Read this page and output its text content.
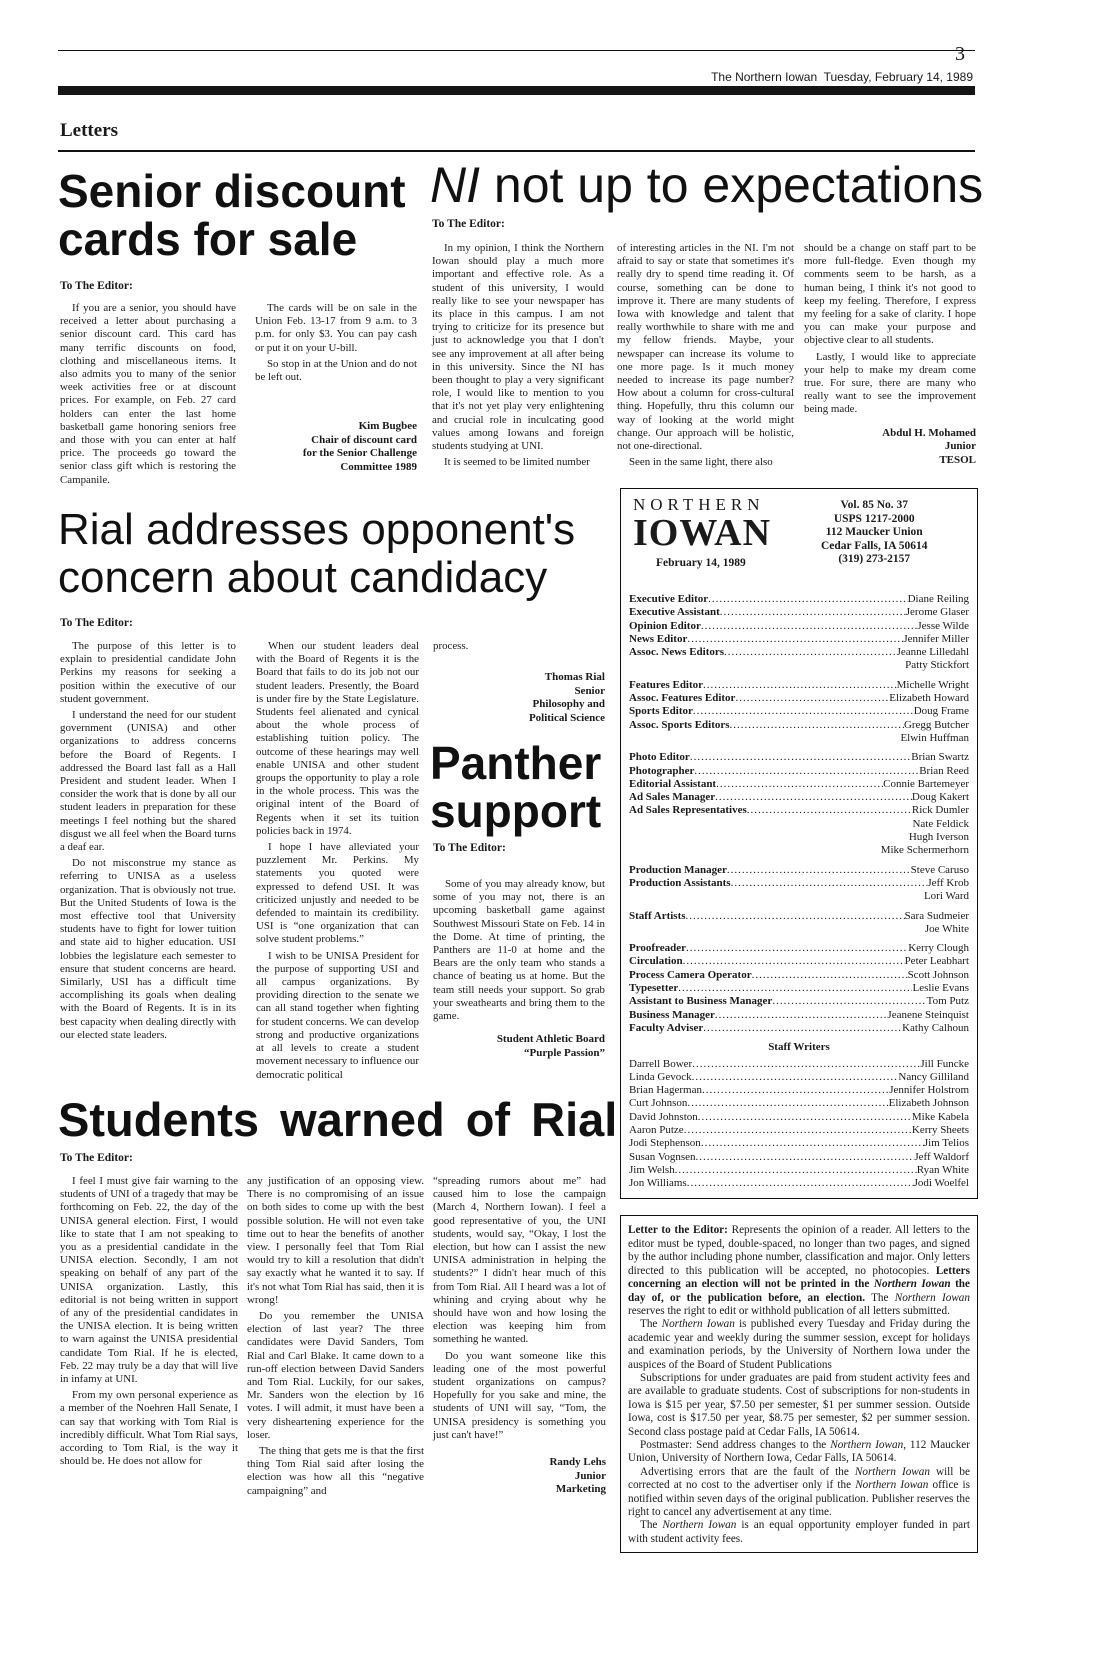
3
The Northern Iowan  Tuesday, February 14, 1989
Letters
Senior discount
cards for sale
To The Editor:

If you are a senior, you should have received a letter about purchasing a senior discount card. This card has many terrific discounts on food, clothing and miscellaneous items. It also admits you to many of the senior week activities free or at discount prices. For example, on Feb. 27 card holders can enter the last home basketball game honoring seniors free and those with you can enter at half price. The proceeds go toward the senior class gift which is restoring the Campanile.

The cards will be on sale in the Union Feb. 13-17 from 9 a.m. to 3 p.m. for only $3. You can pay cash or put it on your U-bill.

So stop in at the Union and do not be left out.

Kim Bugbee
Chair of discount card
for the Senior Challenge
Committee 1989
NI not up to expectations
To The Editor:

In my opinion, I think the Northern Iowan should play a much more important and effective role. As a student of this university, I would really like to see your newspaper has its place in this campus. I am not trying to criticize for its presence but just to acknowledge you that I don't see any improvement at all after being in this university. Since the NI has been thought to play a very significant role, I would like to mention to you that it's not yet play very enlightening and crucial role in inculcating good values among Iowans and foreign students studying at UNI.

It is seemed to be limited number

of interesting articles in the NI. I'm not afraid to say or state that sometimes it's really dry to spend time reading it. Of course, something can be done to improve it. There are many students of Iowa with knowledge and talent that really worthwhile to share with me and my fellow friends. Maybe, your newspaper can increase its volume to one more page. Is it much money needed to increase its page number? How about a column for cross-cultural thing. Hopefully, thru this column our way of looking at the world might change. Our approach will be holistic, not one-directional.

Seen in the same light, there also

should be a change on staff part to be more full-fledge. Even though my comments seem to be harsh, as a human being, I think it's not good to keep my feeling. Therefore, I express my feeling for a sake of clarity. I hope you can make your purpose and objective clear to all students.

Lastly, I would like to appreciate your help to make my dream come true. For sure, there are many who really want to see the improvement being made.

Abdul H. Mohamed
Junior
TESOL
Rial addresses opponent's
concern about candidacy
To The Editor:

The purpose of this letter is to explain to presidential candidate John Perkins my reasons for seeking a position within the executive of our student government.

I understand the need for our student government (UNISA) and other organizations to address concerns before the Board of Regents. I addressed the Board last fall as a Hall President and student leader. When I consider the work that is done by all our student leaders in preparation for these meetings I feel nothing but the shared disgust we all feel when the Board turns a deaf ear.

Do not misconstrue my stance as referring to UNISA as a useless organization. That is obviously not true. But the United Students of Iowa is the most effective tool that University students have to fight for lower tuition and state aid to higher education. USI lobbies the legislature each semester to ensure that student concerns are heard. Similarly, USI has a difficult time accomplishing its goals when dealing with the Board of Regents. It is in its best capacity when dealing directly with our elected state leaders.

When our student leaders deal with the Board of Regents it is the Board that fails to do its job not our student leaders. Presently, the Board is under fire by the State Legislature. Students feel alienated and cynical about the whole process of establishing tuition policy. The outcome of these hearings may well enable UNISA and other student groups the opportunity to play a role in the whole process. This was the original intent of the Board of Regents when it set its tuition policies back in 1974.

I hope I have alleviated your puzzlement Mr. Perkins. My statements you quoted were expressed to defend USI. It was criticized unjustly and needed to be defended to maintain its credibility. USI is “one organization that can solve student problems.”

I wish to be UNISA President for the purpose of supporting USI and all campus organizations. By providing direction to the senate we can all stand together when fighting for student concerns. We can develop strong and productive organizations at all levels to create a student movement necessary to influence our democratic political

process.

Thomas Rial
Senior
Philosophy and
Political Science
Panther
support
To The Editor:

Some of you may already know, but some of you may not, there is an upcoming basketball game against Southwest Missouri State on Feb. 14 in the Dome. At time of printing, the Panthers are 11-0 at home and the Bears are the only team who stands a chance of beating us at home. But the team still needs your support. So grab your sweathearts and bring them to the game.

Student Athletic Board
“Purple Passion”
Students warned of Rial
To The Editor:

I feel I must give fair warning to the students of UNI of a tragedy that may be forthcoming on Feb. 22, the day of the UNISA general election. First, I would like to state that I am not speaking to you as a presidential candidate in the UNISA election. Secondly, I am not speaking on behalf of any part of the UNISA organization. Lastly, this editorial is not being written in support of any of the presidential candidates in the UNISA election. It is being written to warn against the UNISA presidential candidate Tom Rial. If he is elected, Feb. 22 may truly be a day that will live in infamy at UNI.

From my own personal experience as a member of the Noehren Hall Senate, I can say that working with Tom Rial is incredibly difficult. What Tom Rial says, according to Tom Rial, is the way it should be. He does not allow for

any justification of an opposing view. There is no compromising of an issue on both sides to come up with the best possible solution. He will not even take time out to hear the benefits of another view. I personally feel that Tom Rial would try to kill a resolution that didn't say exactly what he wanted it to say. If it's not what Tom Rial has said, then it is wrong!

Do you remember the UNISA election of last year? The three candidates were David Sanders, Tom Rial and Carl Blake. It came down to a run-off election between David Sanders and Tom Rial. Luckily, for our sakes, Mr. Sanders won the election by 16 votes. I will admit, it must have been a very disheartening experience for the loser.

The thing that gets me is that the first thing Tom Rial said after losing the election was how all this “negative campaigning” and

“spreading rumors about me” had caused him to lose the campaign (March 4, Northern Iowan). I feel a good representative of you, the UNI students, would say, “Okay, I lost the election, but how can I assist the new UNISA administration in helping the students?” I didn't hear much of this from Tom Rial. All I heard was a lot of whining and crying about why he should have won and how losing the election was keeping him from something he wanted.

Do you want someone like this leading one of the most powerful student organizations on campus? Hopefully for you sake and mine, the students of UNI will say, “Tom, the UNISA presidency is something you just can't have!”

Randy Lehs
Junior
Marketing
NORTHERN
IOWAN
February 14, 1989
Vol. 85 No. 37
USPS 1217-2000
112 Maucker Union
Cedar Falls, IA 50614
(319) 273-2157
Executive Editor .....	Diane Reiling
Executive Assistant .....	Jerome Glaser
Opinion Editor .....	Jesse Wilde
News Editor .....	Jennifer Miller
Assoc. News Editors .....	Jeanne Lilledahl
Patty Stickfort
Features Editor .....	Michelle Wright
Assoc. Features Editor .....	Elizabeth Howard
Sports Editor .....	Doug Frame
Assoc. Sports Editors .....	Gregg Butcher
Elwin Huffman
Photo Editor .....	Brian Swartz
Photographer .....	Brian Reed
Editorial Assistant .....	Connie Bartemeyer
Ad Sales Manager .....	Doug Kakert
Ad Sales Representatives .....	Rick Dumler
Nate Feldick
Hugh Iverson
Mike Schermerhorn
Production Manager .....	Steve Caruso
Production Assistants .....	Jeff Krob
Lori Ward
Staff Artists .....	Sara Sudmeier
Joe White
Proofreader .....	Kerry Clough
Circulation .....	Peter Leabhart
Process Camera Operator .....	Scott Johnson
Typesetter .....	Leslie Evans
Assistant to Business Manager .....	Tom Putz
Business Manager .....	Jeanene Steinquist
Faculty Adviser .....	Kathy Calhoun
Staff Writers
Darrell Bower .....	Jill Funcke
Linda Gevock .....	Nancy Gilliland
Brian Hagerman .....	Jennifer Holstrom
Curt Johnson .....	Elizabeth Johnson
David Johnston .....	Mike Kabela
Aaron Putze .....	Kerry Sheets
Jodi Stephenson .....	Jim Telios
Susan Vognsen .....	Jeff Waldorf
Jim Welsh .....	Ryan White
Jon Williams .....	Jodi Woelfel

Letter to the Editor: Represents the opinion of a reader. All letters to the editor must be typed, double-spaced, no longer than two pages, and signed by the author including phone number, classification and major. Only letters directed to this publication will be accepted, no photocopies. Letters concerning an election will not be printed in the Northern Iowan the day of, or the publication before, an election. The Northern Iowan reserves the right to edit or withhold publication of all letters submitted.

The Northern Iowan is published every Tuesday and Friday during the academic year and weekly during the summer session, except for holidays and examination periods, by the University of Northern Iowa under the auspices of the Board of Student Publications

Subscriptions for under graduates are paid from student activity fees and are available to graduate students. Cost of subscriptions for non-students in Iowa is $15 per year, $7.50 per semester, $1 per summer session. Outside Iowa, cost is $17.50 per year, $8.75 per semester, $2 per summer session. Second class postage paid at Cedar Falls, IA 50614.

Postmaster: Send address changes to the Northern Iowan, 112 Maucker Union, University of Northern Iowa, Cedar Falls, IA 50614.

Advertising errors that are the fault of the Northern Iowan will be corrected at no cost to the advertiser only if the Northern Iowan office is notified within seven days of the original publication. Publisher reserves the right to cancel any advertisement at any time.

The Northern Iowan is an equal opportunity employer funded in part with student activity fees.
